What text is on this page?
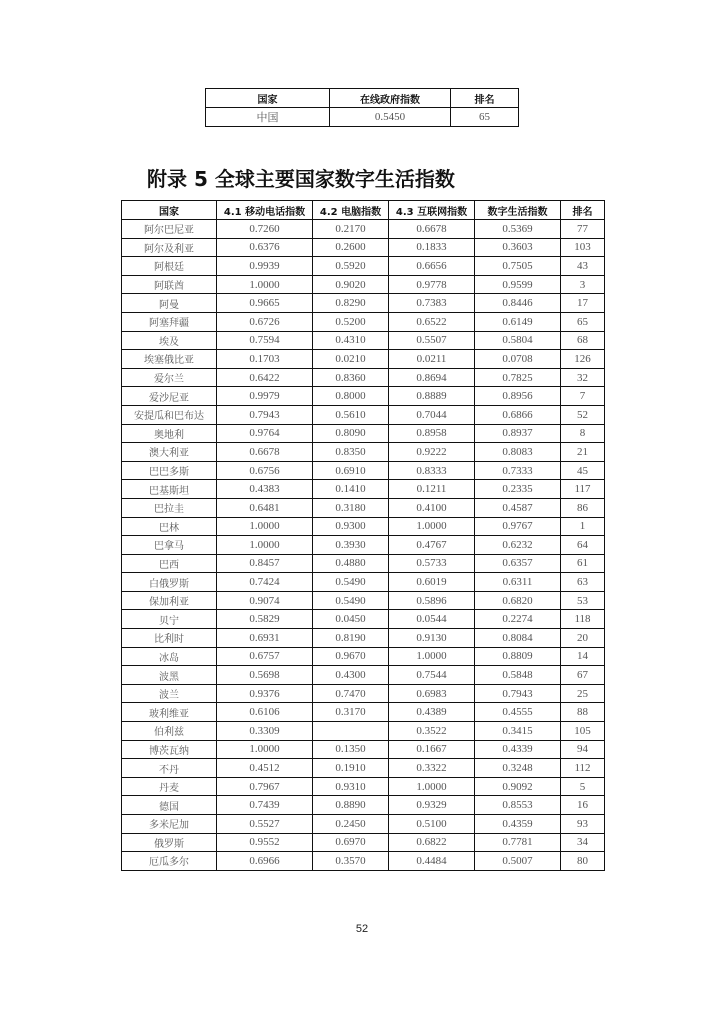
国家	在线政府指数	排名
中国	0.5450	65
附录 5 全球主要国家数字生活指数
国家	4.1 移动电话指数	4.2 电脑指数	4.3 互联网指数	数字生活指数	排名
阿尔巴尼亚	0.7260	0.2170	0.6678	0.5369	77
阿尔及利亚	0.6376	0.2600	0.1833	0.3603	103
阿根廷	0.9939	0.5920	0.6656	0.7505	43
阿联酋	1.0000	0.9020	0.9778	0.9599	3
阿曼	0.9665	0.8290	0.7383	0.8446	17
阿塞拜疆	0.6726	0.5200	0.6522	0.6149	65
埃及	0.7594	0.4310	0.5507	0.5804	68
埃塞俄比亚	0.1703	0.0210	0.0211	0.0708	126
爱尔兰	0.6422	0.8360	0.8694	0.7825	32
爱沙尼亚	0.9979	0.8000	0.8889	0.8956	7
安提瓜和巴布达	0.7943	0.5610	0.7044	0.6866	52
奥地利	0.9764	0.8090	0.8958	0.8937	8
澳大利亚	0.6678	0.8350	0.9222	0.8083	21
巴巴多斯	0.6756	0.6910	0.8333	0.7333	45
巴基斯坦	0.4383	0.1410	0.1211	0.2335	117
巴拉圭	0.6481	0.3180	0.4100	0.4587	86
巴林	1.0000	0.9300	1.0000	0.9767	1
巴拿马	1.0000	0.3930	0.4767	0.6232	64
巴西	0.8457	0.4880	0.5733	0.6357	61
白俄罗斯	0.7424	0.5490	0.6019	0.6311	63
保加利亚	0.9074	0.5490	0.5896	0.6820	53
贝宁	0.5829	0.0450	0.0544	0.2274	118
比利时	0.6931	0.8190	0.9130	0.8084	20
冰岛	0.6757	0.9670	1.0000	0.8809	14
波黑	0.5698	0.4300	0.7544	0.5848	67
波兰	0.9376	0.7470	0.6983	0.7943	25
玻利维亚	0.6106	0.3170	0.4389	0.4555	88
伯利兹	0.3309		0.3522	0.3415	105
博茨瓦纳	1.0000	0.1350	0.1667	0.4339	94
不丹	0.4512	0.1910	0.3322	0.3248	112
丹麦	0.7967	0.9310	1.0000	0.9092	5
德国	0.7439	0.8890	0.9329	0.8553	16
多米尼加	0.5527	0.2450	0.5100	0.4359	93
俄罗斯	0.9552	0.6970	0.6822	0.7781	34
厄瓜多尔	0.6966	0.3570	0.4484	0.5007	80
52
